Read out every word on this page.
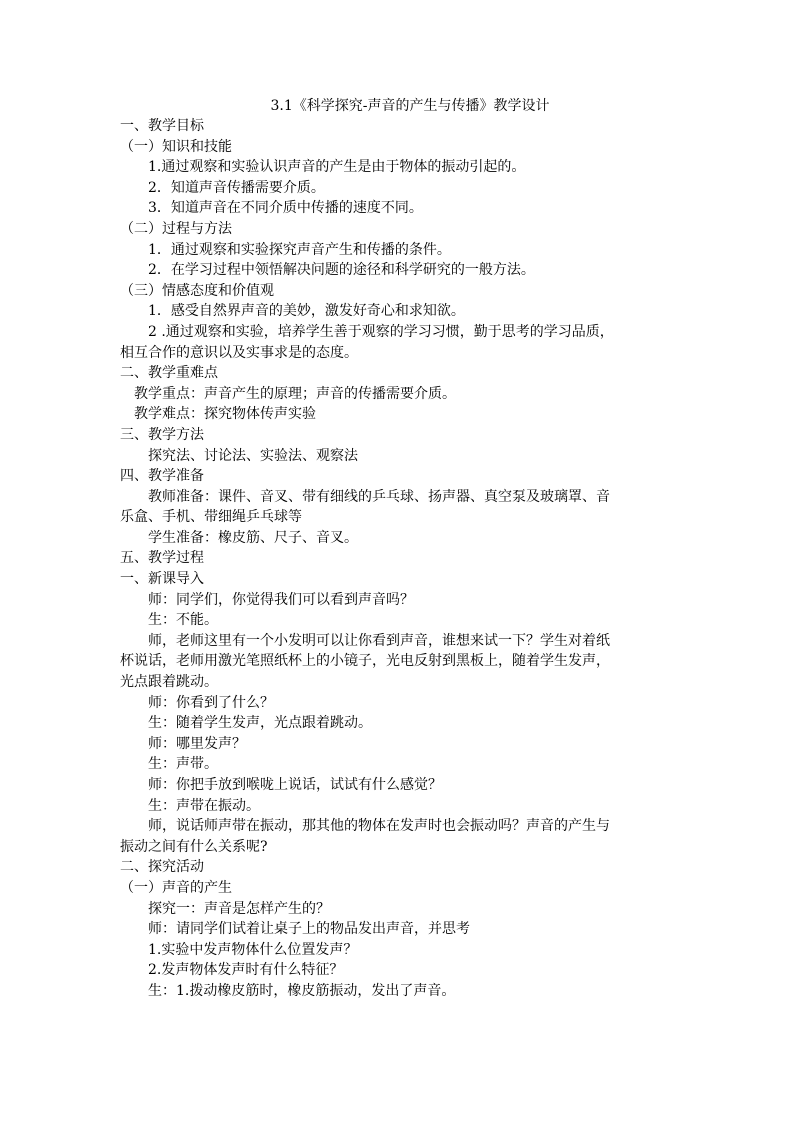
3.1《科学探究-声音的产生与传播》教学设计
一、教学目标
（一）知识和技能
1.通过观察和实验认识声音的产生是由于物体的振动引起的。
2．知道声音传播需要介质。
3．知道声音在不同介质中传播的速度不同。
（二）过程与方法
1．通过观察和实验探究声音产生和传播的条件。
2．在学习过程中领悟解决问题的途径和科学研究的一般方法。
（三）情感态度和价值观
1．感受自然界声音的美妙，激发好奇心和求知欲。
2 .通过观察和实验，培养学生善于观察的学习习惯，勤于思考的学习品质，
相互合作的意识以及实事求是的态度。
二、教学重难点
教学重点：声音产生的原理；声音的传播需要介质。
教学难点：探究物体传声实验
三、教学方法
探究法、讨论法、实验法、观察法
四、教学准备
教师准备：课件、音叉、带有细线的乒乓球、扬声器、真空泵及玻璃罩、音
乐盒、手机、带细绳乒乓球等
学生准备：橡皮筋、尺子、音叉。
五、教学过程
一、新课导入
师：同学们，你觉得我们可以看到声音吗？
生：不能。
师，老师这里有一个小发明可以让你看到声音，谁想来试一下？学生对着纸
杯说话，老师用激光笔照纸杯上的小镜子，光电反射到黑板上，随着学生发声，
光点跟着跳动。
师：你看到了什么？
生：随着学生发声，光点跟着跳动。
师：哪里发声？
生：声带。
师：你把手放到喉咙上说话，试试有什么感觉？
生：声带在振动。
师，说话师声带在振动，那其他的物体在发声时也会振动吗？声音的产生与
振动之间有什么关系呢?
二、探究活动
（一）声音的产生
探究一：声音是怎样产生的？
师：请同学们试着让桌子上的物品发出声音，并思考
1.实验中发声物体什么位置发声？
2.发声物体发声时有什么特征？
生：1.拨动橡皮筋时，橡皮筋振动，发出了声音。
